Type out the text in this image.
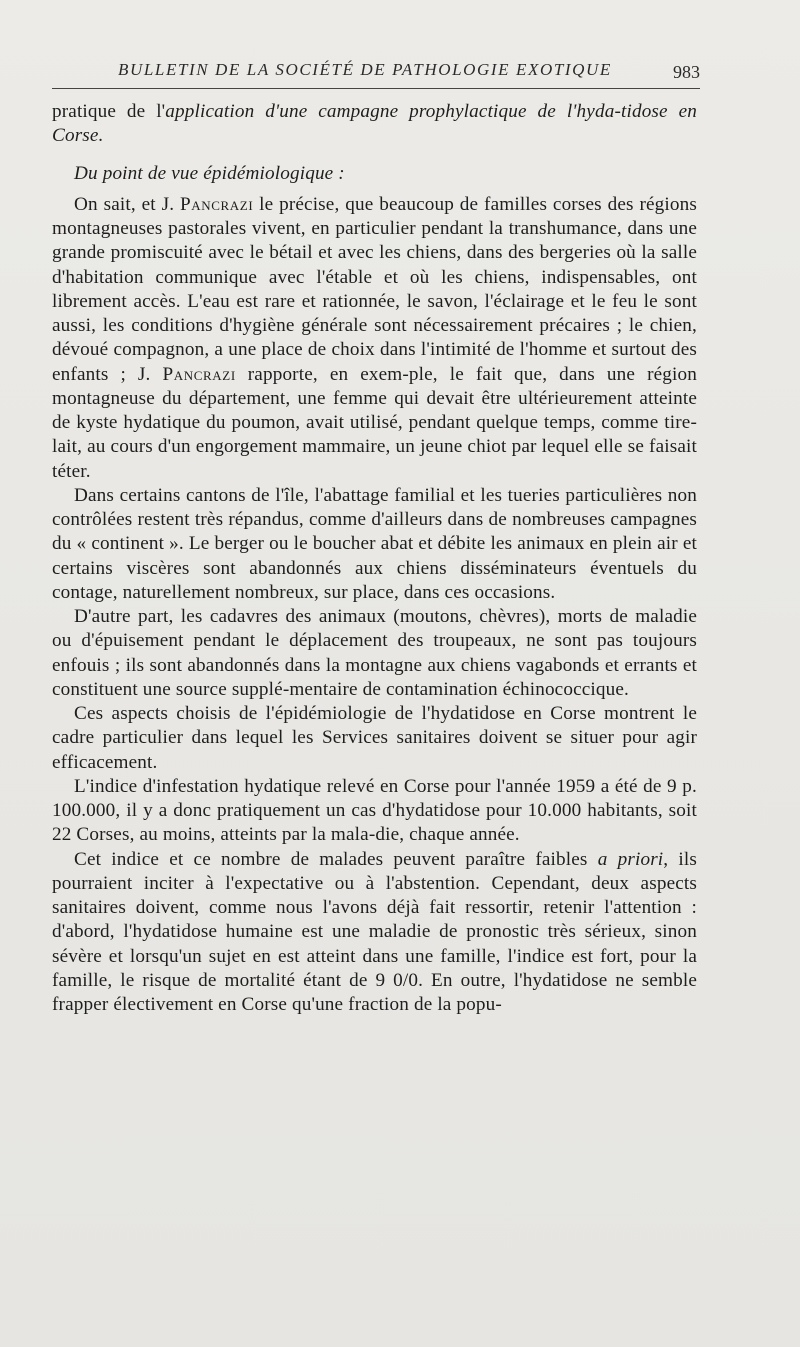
BULLETIN DE LA SOCIÉTÉ DE PATHOLOGIE EXOTIQUE	983

pratique de l'application d'une campagne prophylactique de l'hyda-tidose en Corse.

Du point de vue épidémiologique :

On sait, et J. Pancrazi le précise, que beaucoup de familles corses des régions montagneuses pastorales vivent, en particulier pendant la transhumance, dans une grande promiscuité avec le bétail et avec les chiens, dans des bergeries où la salle d'habitation communique avec l'étable et où les chiens, indispensables, ont librement accès. L'eau est rare et rationnée, le savon, l'éclairage et le feu le sont aussi, les conditions d'hygiène générale sont nécessairement précaires ; le chien, dévoué compagnon, a une place de choix dans l'intimité de l'homme et surtout des enfants ; J. Pancrazi rapporte, en exem-ple, le fait que, dans une région montagneuse du département, une femme qui devait être ultérieurement atteinte de kyste hydatique du poumon, avait utilisé, pendant quelque temps, comme tire-lait, au cours d'un engorgement mammaire, un jeune chiot par lequel elle se faisait téter.

Dans certains cantons de l'île, l'abattage familial et les tueries particulières non contrôlées restent très répandus, comme d'ailleurs dans de nombreuses campagnes du « continent ». Le berger ou le boucher abat et débite les animaux en plein air et certains viscères sont abandonnés aux chiens disséminateurs éventuels du contage, naturellement nombreux, sur place, dans ces occasions.

D'autre part, les cadavres des animaux (moutons, chèvres), morts de maladie ou d'épuisement pendant le déplacement des troupeaux, ne sont pas toujours enfouis ; ils sont abandonnés dans la montagne aux chiens vagabonds et errants et constituent une source supplé-mentaire de contamination échinococcique.

Ces aspects choisis de l'épidémiologie de l'hydatidose en Corse montrent le cadre particulier dans lequel les Services sanitaires doivent se situer pour agir efficacement.

L'indice d'infestation hydatique relevé en Corse pour l'année 1959 a été de 9 p. 100.000, il y a donc pratiquement un cas d'hydatidose pour 10.000 habitants, soit 22 Corses, au moins, atteints par la mala-die, chaque année.

Cet indice et ce nombre de malades peuvent paraître faibles a priori, ils pourraient inciter à l'expectative ou à l'abstention. Cependant, deux aspects sanitaires doivent, comme nous l'avons déjà fait ressortir, retenir l'attention : d'abord, l'hydatidose humaine est une maladie de pronostic très sérieux, sinon sévère et lorsqu'un sujet en est atteint dans une famille, l'indice est fort, pour la famille, le risque de mortalité étant de 9 0/0. En outre, l'hydatidose ne semble frapper électivement en Corse qu'une fraction de la popu-
